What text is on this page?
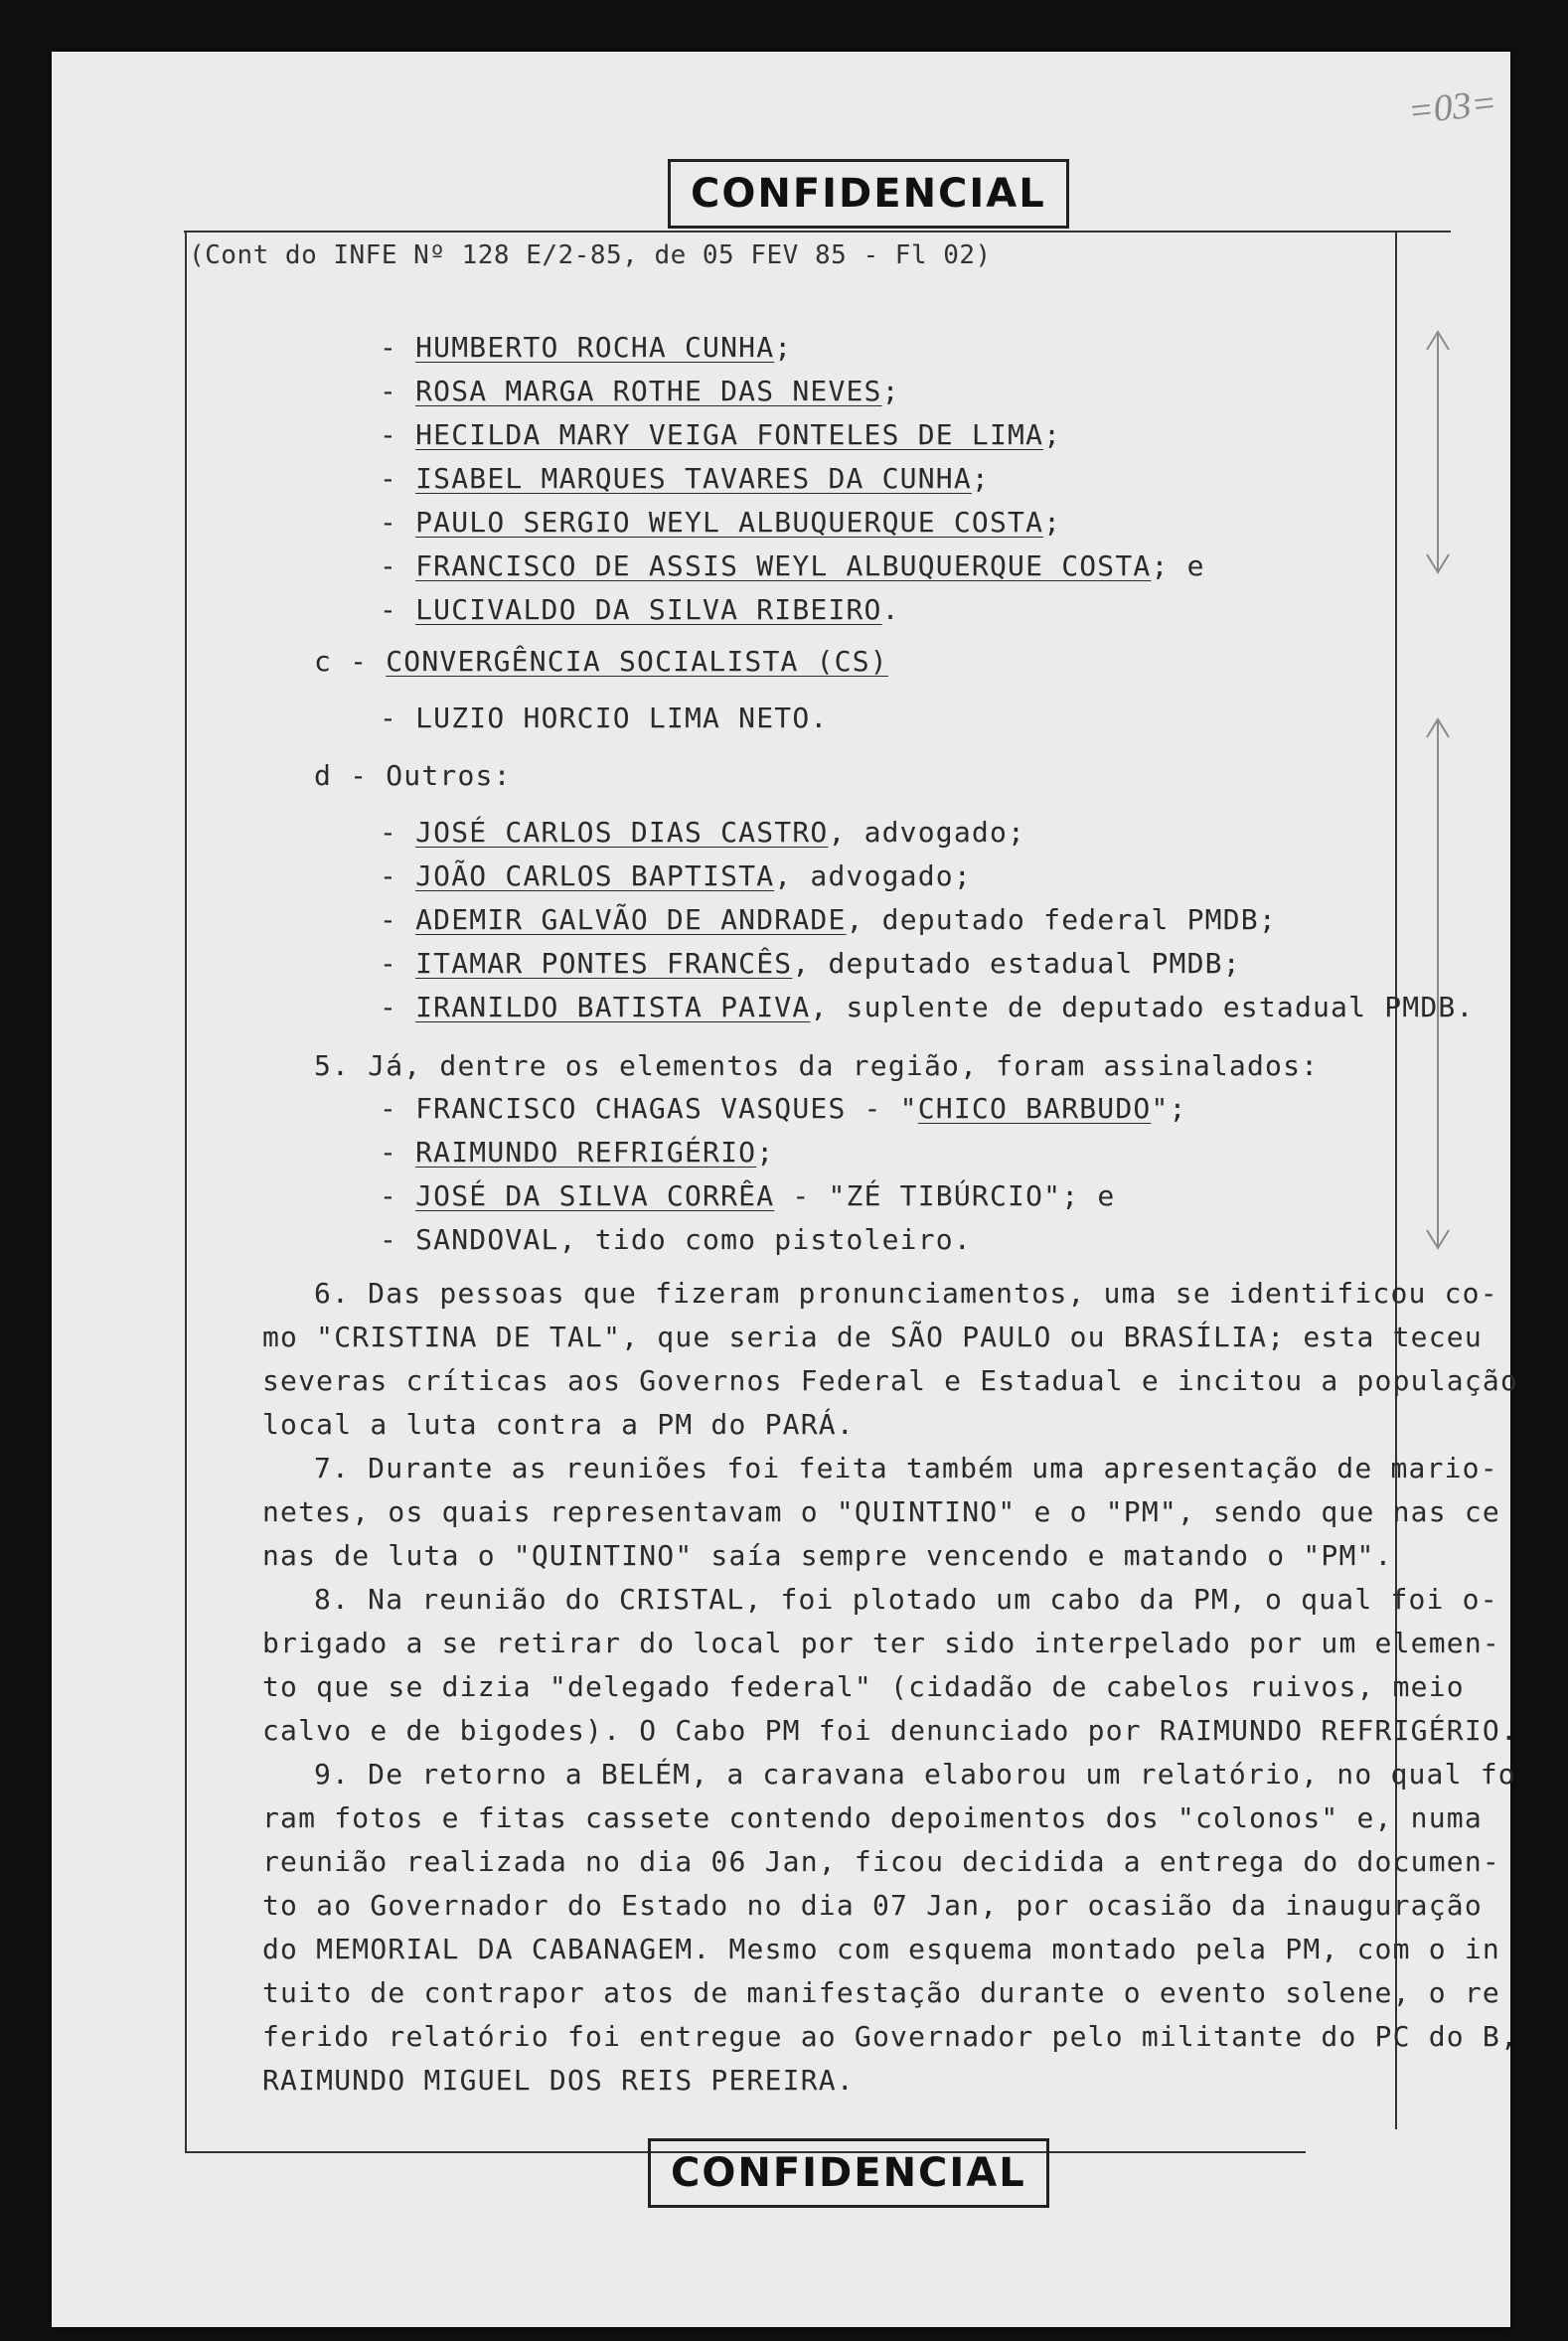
CONFIDENCIAL
=03=
(Cont do INFE Nº 128 E/2-85, de 05 FEV 85 - Fl 02)
- HUMBERTO ROCHA CUNHA;
- ROSA MARGA ROTHE DAS NEVES;
- HECILDA MARY VEIGA FONTELES DE LIMA;
- ISABEL MARQUES TAVARES DA CUNHA;
- PAULO SERGIO WEYL ALBUQUERQUE COSTA;
- FRANCISCO DE ASSIS WEYL ALBUQUERQUE COSTA; e
- LUCIVALDO DA SILVA RIBEIRO.
c - CONVERGÊNCIA SOCIALISTA (CS)
- LUZIO HORCIO LIMA NETO.
d - Outros:
- JOSÉ CARLOS DIAS CASTRO, advogado;
- JOÃO CARLOS BAPTISTA, advogado;
- ADEMIR GALVÃO DE ANDRADE, deputado federal PMDB;
- ITAMAR PONTES FRANCÊS, deputado estadual PMDB;
- IRANILDO BATISTA PAIVA, suplente de deputado estadual PMDB.
5. Já, dentre os elementos da região, foram assinalados:
- FRANCISCO CHAGAS VASQUES - "CHICO BARBUDO";
- RAIMUNDO REFRIGÉRIO;
- JOSÉ DA SILVA CORRÊA - "ZÉ TIBÚRCIO"; e
- SANDOVAL, tido como pistoleiro.
6. Das pessoas que fizeram pronunciamentos, uma se identificou co-
mo "CRISTINA DE TAL", que seria de SÃO PAULO ou BRASÍLIA; esta teceu
severas críticas aos Governos Federal e Estadual e incitou a população
local a luta contra a PM do PARÁ.
7. Durante as reuniões foi feita também uma apresentação de mario-
netes, os quais representavam o "QUINTINO" e o "PM", sendo que nas ce
nas de luta o "QUINTINO" saía sempre vencendo e matando o "PM".
8. Na reunião do CRISTAL, foi plotado um cabo da PM, o qual foi o-
brigado a se retirar do local por ter sido interpelado por um elemen-
to que se dizia "delegado federal" (cidadão de cabelos ruivos, meio
calvo e de bigodes). O Cabo PM foi denunciado por RAIMUNDO REFRIGÉRIO.
9. De retorno a BELÉM, a caravana elaborou um relatório, no qual fo
ram fotos e fitas cassete contendo depoimentos dos "colonos" e, numa
reunião realizada no dia 06 Jan, ficou decidida a entrega do documen-
to ao Governador do Estado no dia 07 Jan, por ocasião da inauguração
do MEMORIAL DA CABANAGEM. Mesmo com esquema montado pela PM, com o in
tuito de contrapor atos de manifestação durante o evento solene, o re
ferido relatório foi entregue ao Governador pelo militante do PC do B,
RAIMUNDO MIGUEL DOS REIS PEREIRA.
CONFIDENCIAL
